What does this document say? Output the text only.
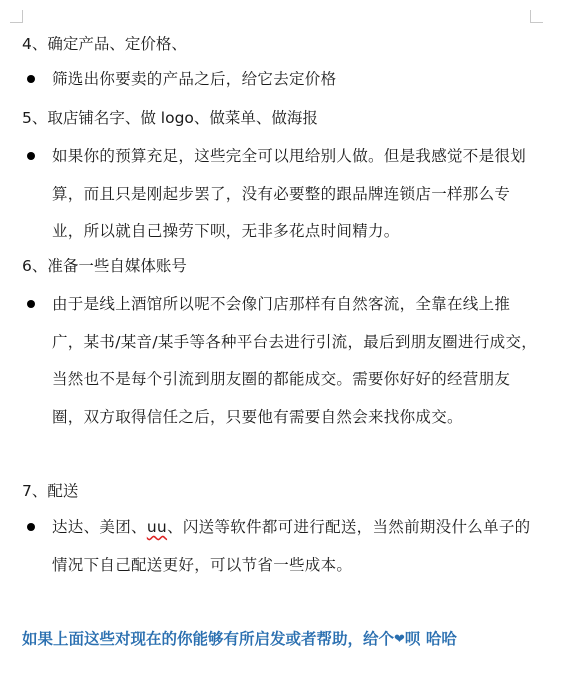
4、确定产品、定价格、
筛选出你要卖的产品之后，给它去定价格
5、取店铺名字、做 logo、做菜单、做海报
如果你的预算充足，这些完全可以甩给别人做。但是我感觉不是很划算，而且只是刚起步罢了，没有必要整的跟品牌连锁店一样那么专业，所以就自己操劳下呗，无非多花点时间精力。
6、准备一些自媒体账号
由于是线上酒馆所以呢不会像门店那样有自然客流，全靠在线上推广，某书/某音/某手等各种平台去进行引流，最后到朋友圈进行成交，当然也不是每个引流到朋友圈的都能成交。需要你好好的经营朋友圈，双方取得信任之后，只要他有需要自然会来找你成交。
7、配送
达达、美团、uu、闪送等软件都可进行配送，当然前期没什么单子的情况下自己配送更好，可以节省一些成本。
如果上面这些对现在的你能够有所启发或者帮助，给个❤呗 哈哈
